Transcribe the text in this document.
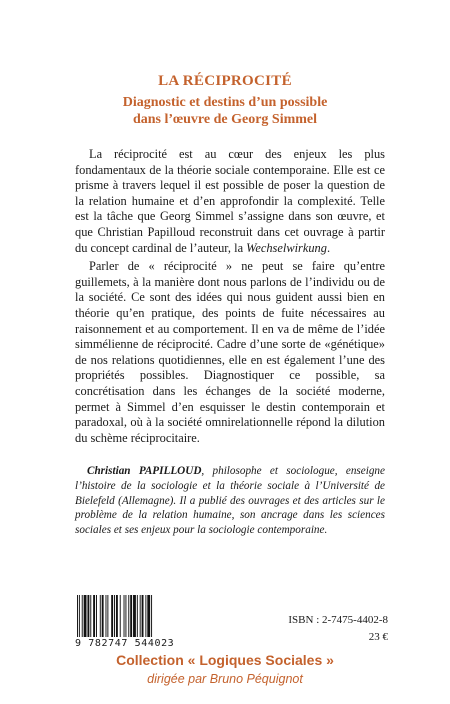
LA RÉCIPROCITÉ
Diagnostic et destins d’un possible
dans l’œuvre de Georg Simmel

La réciprocité est au cœur des enjeux les plus fondamentaux de la théorie sociale contemporaine. Elle est ce prisme à travers lequel il est possible de poser la question de la relation humaine et d’en approfondir la complexité. Telle est la tâche que Georg Simmel s’assigne dans son œuvre, et que Christian Papilloud reconstruit dans cet ouvrage à partir du concept cardinal de l’auteur, la Wechselwirkung.

Parler de « réciprocité » ne peut se faire qu’entre guillemets, à la manière dont nous parlons de l’individu ou de la société. Ce sont des idées qui nous guident aussi bien en théorie qu’en pratique, des points de fuite nécessaires au raisonnement et au comportement. Il en va de même de l’idée simmélienne de réciprocité. Cadre d’une sorte de «génétique» de nos relations quotidiennes, elle en est également l’une des propriétés possibles. Diagnostiquer ce possible, sa concrétisation dans les échanges de la société moderne, permet à Simmel d’en esquisser le destin contemporain et paradoxal, où à la société omnirelationnelle répond la dilution du schème réciprocitaire.

Christian PAPILLOUD, philosophe et sociologue, enseigne l’histoire de la sociologie et la théorie sociale à l’Université de Bielefeld (Allemagne). Il a publié des ouvrages et des articles sur le problème de la relation humaine, son ancrage dans les sciences sociales et ses enjeux pour la sociologie contemporaine.
9 782747 544023
ISBN : 2-7475-4402-8
23 €
Collection « Logiques Sociales »
dirigée par Bruno Péquignot
